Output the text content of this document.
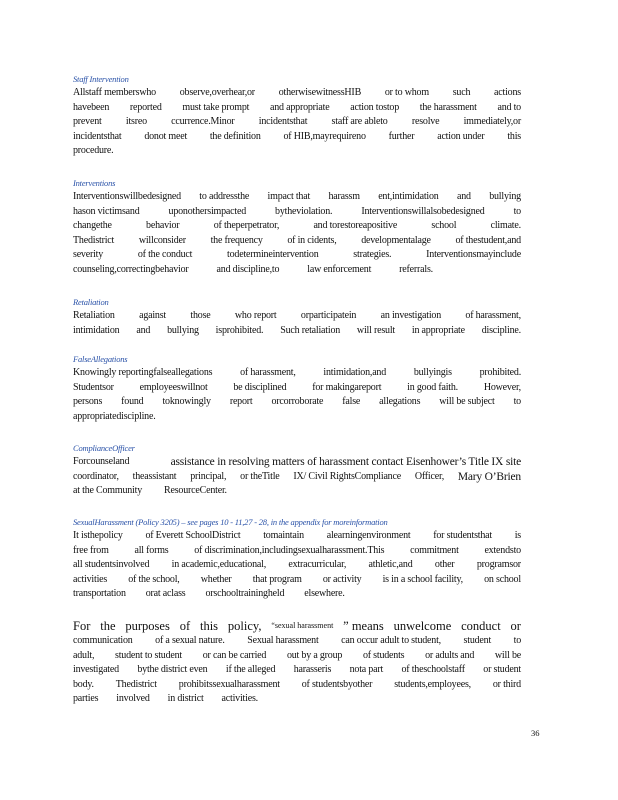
Staff Intervention
Allstaff memberswho observe,overhear,or otherwisewitnessHIB or to whom such actions
havebeen reported must take prompt and appropriate action tostop the harassment and to
prevent itsreo ccurrence.Minor incidentsthat staff are ableto resolve immediately,or
incidentsthat donot meet the definition of HIB,mayrequireno further action under this
procedure.
Interventions
Interventionswillbedesigned to addressthe impact that harassm ent,intimidation and bullying
hason victimsand	uponothersimpacted	bytheviolation.	Interventionswillalsobedesigned	to
changethe	behavior	of theperpetrator,	and torestoreapositive	school	climate.
Thedistrict willconsider the frequency of in cidents, developmentalage of thestudent,and
severity	of the conduct	todetermineintervention	strategies.	Interventionsmayinclude
counseling,correctingbehavior	and discipline,to	law enforcement	referrals.
Retaliation
Retaliation against those who report orparticipatein an investigation of harassment,
intimidation and bullying isprohibited. Such retaliation will result in appropriate discipline.
FalseAllegations
Knowingly reportingfalseallegations	of harassment,	intimidation,and	bullyingis	prohibited.
Studentsor	employeeswillnot	be disciplined	for makingareport	in good faith.	However,
persons found toknowingly report orcorroborate false allegations will be subject to
appropriatediscipline.
ComplianceOfficer
Forcounseland	assistance in resolving matters of harassment contact Eisenhower’s Title IX site
coordinator, theassistant principal, or theTitle IX/ Civil RightsCompliance Officer, Mary O’Brien
at the Community ResourceCenter.
SexualHarassment (Policy 3205) – see pages 10 - 11,27 - 28, in the appendix for moreinformation
It isthepolicy of Everett SchoolDistrict tomaintain alearningenvironment for studentsthat is
free from	all forms	of discrimination,includingsexualharassment.This	commitment	extendsto
all studentsinvolved in academic,educational, extracurricular, athletic,and other programsor
activities of the school, whether that program or activity is in a school facility, on school
transportation orat aclass orschooltrainingheld elsewhere.
For the purposes of this policy, “sexual harassment ” means unwelcome conduct or
communication of a sexual nature. Sexual harassment can occur adult to student, student to
adult, student to student or can be carried out by a group of students or adults and will be
investigated bythe district even if the alleged harasseris nota part of theschoolstaff or student
body. Thedistrict prohibitssexualharassment of studentsbyother students,employees, or third
parties involved in district activities.
36
